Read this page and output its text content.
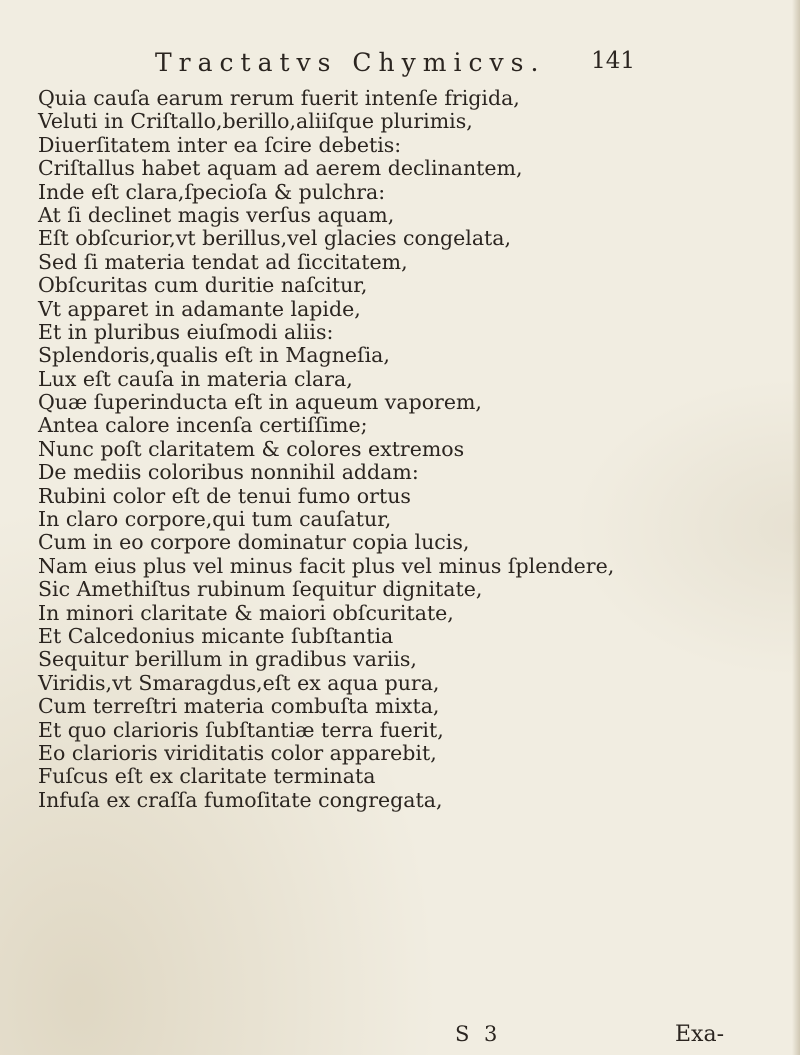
Tractatvs Chymicvs. 141
Quia cauſa earum rerum fuerit intenſe frigida,
Veluti in Criſtallo,berillo,aliiſque plurimis,
Diuerſitatem inter ea ſcire debetis:
Criſtallus habet aquam ad aerem declinantem,
Inde eſt clara,ſpecioſa & pulchra:
At ſi declinet magis verſus aquam,
Eſt obſcurior,vt berillus,vel glacies congelata,
Sed ſi materia tendat ad ſiccitatem,
Obſcuritas cum duritie naſcitur,
Vt apparet in adamante lapide,
Et in pluribus eiuſmodi aliis:
Splendoris,qualis eſt in Magneſia,
Lux eſt cauſa in materia clara,
Quæ ſuperinducta eſt in aqueum vaporem,
Antea calore incenſa certiſſime;
Nunc poſt claritatem & colores extremos
De mediis coloribus nonnihil addam:
Rubini color eſt de tenui fumo ortus
In claro corpore,qui tum cauſatur,
Cum in eo corpore dominatur copia lucis,
Nam eius plus vel minus facit plus vel minus ſplendere,
Sic Amethiſtus rubinum ſequitur dignitate,
In minori claritate & maiori obſcuritate,
Et Calcedonius micante ſubſtantia
Sequitur berillum in gradibus variis,
Viridis,vt Smaragdus,eſt ex aqua pura,
Cum terreſtri materia combuſta mixta,
Et quo clarioris ſubſtantiæ terra fuerit,
Eo clarioris viriditatis color apparebit,
Fuſcus eſt ex claritate terminata
Infuſa ex craſſa fumoſitate congregata,
S 3	Exa-
